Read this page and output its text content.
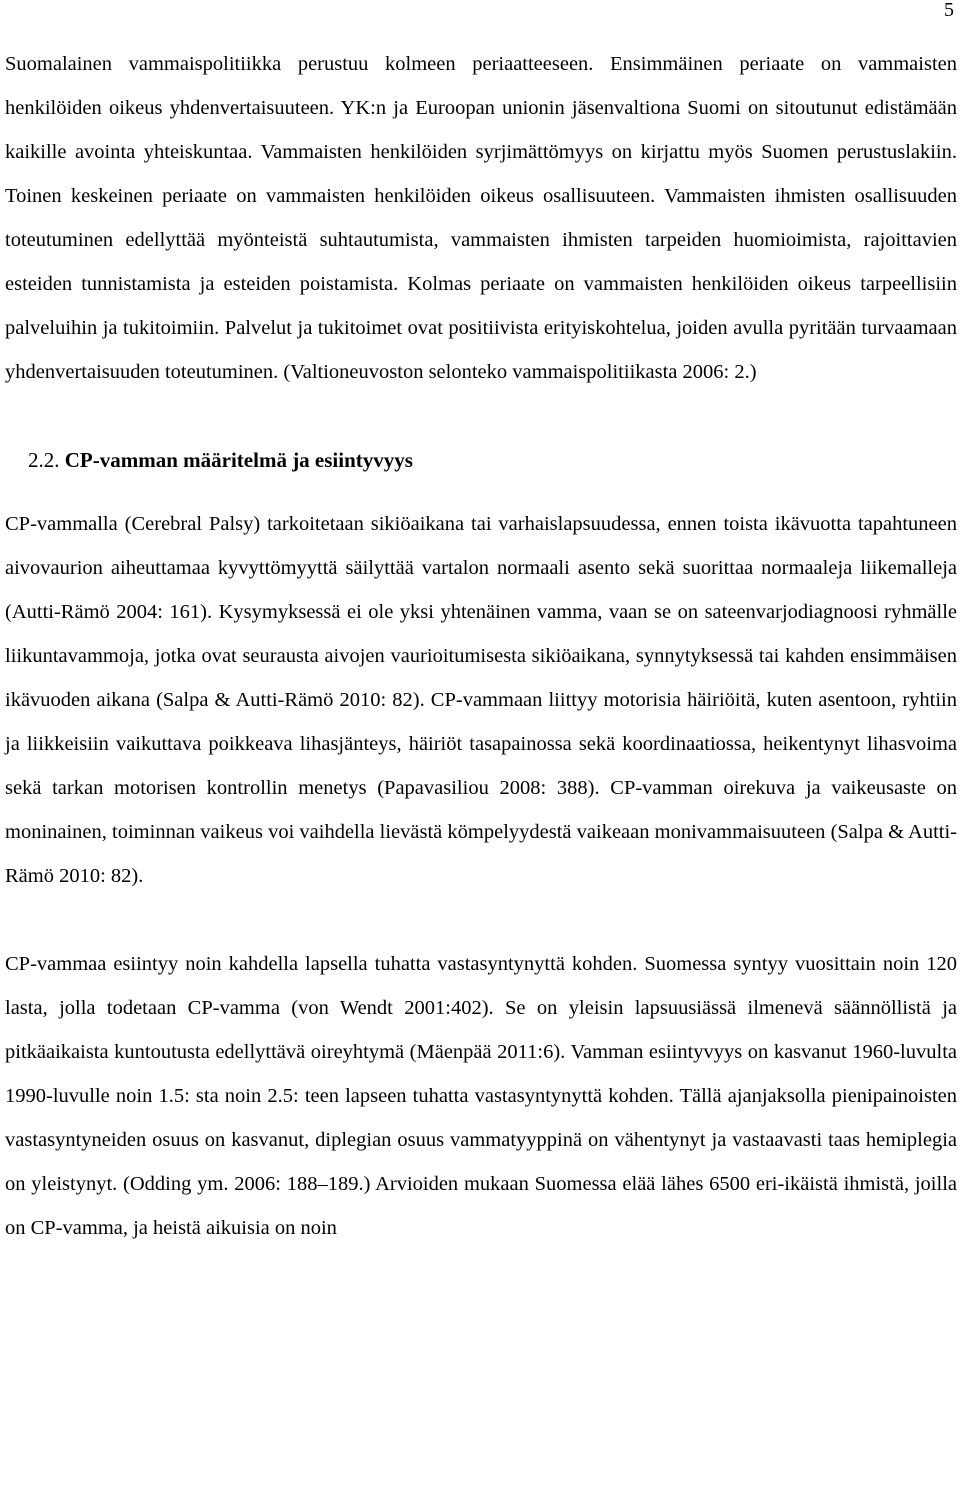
5

Suomalainen vammaispolitiikka perustuu kolmeen periaatteeseen. Ensimmäinen periaate on vammaisten henkilöiden oikeus yhdenvertaisuuteen. YK:n ja Euroopan unionin jäsenvaltiona Suomi on sitoutunut edistämään kaikille avointa yhteiskuntaa. Vammaisten henkilöiden syrjimättömyys on kirjattu myös Suomen perustuslakiin. Toinen keskeinen periaate on vammaisten henkilöiden oikeus osallisuuteen. Vammaisten ihmisten osallisuuden toteutuminen edellyttää myönteistä suhtautumista, vammaisten ihmisten tarpeiden huomioimista, rajoittavien esteiden tunnistamista ja esteiden poistamista. Kolmas periaate on vammaisten henkilöiden oikeus tarpeellisiin palveluihin ja tukitoimiin. Palvelut ja tukitoimet ovat positiivista erityiskohtelua, joiden avulla pyritään turvaamaan yhdenvertaisuuden toteutuminen. (Valtioneuvoston selonteko vammaispolitiikasta 2006: 2.)

2.2. CP-vamman määritelmä ja esiintyvyys

CP-vammalla (Cerebral Palsy) tarkoitetaan sikiöaikana tai varhaislapsuudessa, ennen toista ikävuotta tapahtuneen aivovaurion aiheuttamaa kyvyttömyyttä säilyttää vartalon normaali asento sekä suorittaa normaaleja liikemalleja (Autti-Rämö 2004: 161). Kysymyksessä ei ole yksi yhtenäinen vamma, vaan se on sateenvarjodiagnoosi ryhmälle liikuntavammoja, jotka ovat seurausta aivojen vaurioitumisesta sikiöaikana, synnytyksessä tai kahden ensimmäisen ikävuoden aikana (Salpa & Autti-Rämö 2010: 82). CP-vammaan liittyy motorisia häiriöitä, kuten asentoon, ryhtiin ja liikkeisiin vaikuttava poikkeava lihasjänteys, häiriöt tasapainossa sekä koordinaatiossa, heikentynyt lihasvoima sekä tarkan motorisen kontrollin menetys (Papavasiliou 2008: 388). CP-vamman oirekuva ja vaikeusaste on moninainen, toiminnan vaikeus voi vaihdella lievästä kömpelyydestä vaikeaan monivammaisuuteen (Salpa & Autti-Rämö 2010: 82).

CP-vammaa esiintyy noin kahdella lapsella tuhatta vastasyntynyttä kohden. Suomessa syntyy vuosittain noin 120 lasta, jolla todetaan CP-vamma (von Wendt 2001:402). Se on yleisin lapsuusiässä ilmenevä säännöllistä ja pitkäaikaista kuntoutusta edellyttävä oireyhtymä (Mäenpää 2011:6). Vamman esiintyvyys on kasvanut 1960-luvulta 1990-luvulle noin 1.5: sta noin 2.5: teen lapseen tuhatta vastasyntynyttä kohden. Tällä ajanjaksolla pienipainoisten vastasyntyneiden osuus on kasvanut, diplegian osuus vammatyyppinä on vähentynyt ja vastaavasti taas hemiplegia on yleistynyt. (Odding ym. 2006: 188–189.) Arvioiden mukaan Suomessa elää lähes 6500 eri-ikäistä ihmistä, joilla on CP-vamma, ja heistä aikuisia on noin
